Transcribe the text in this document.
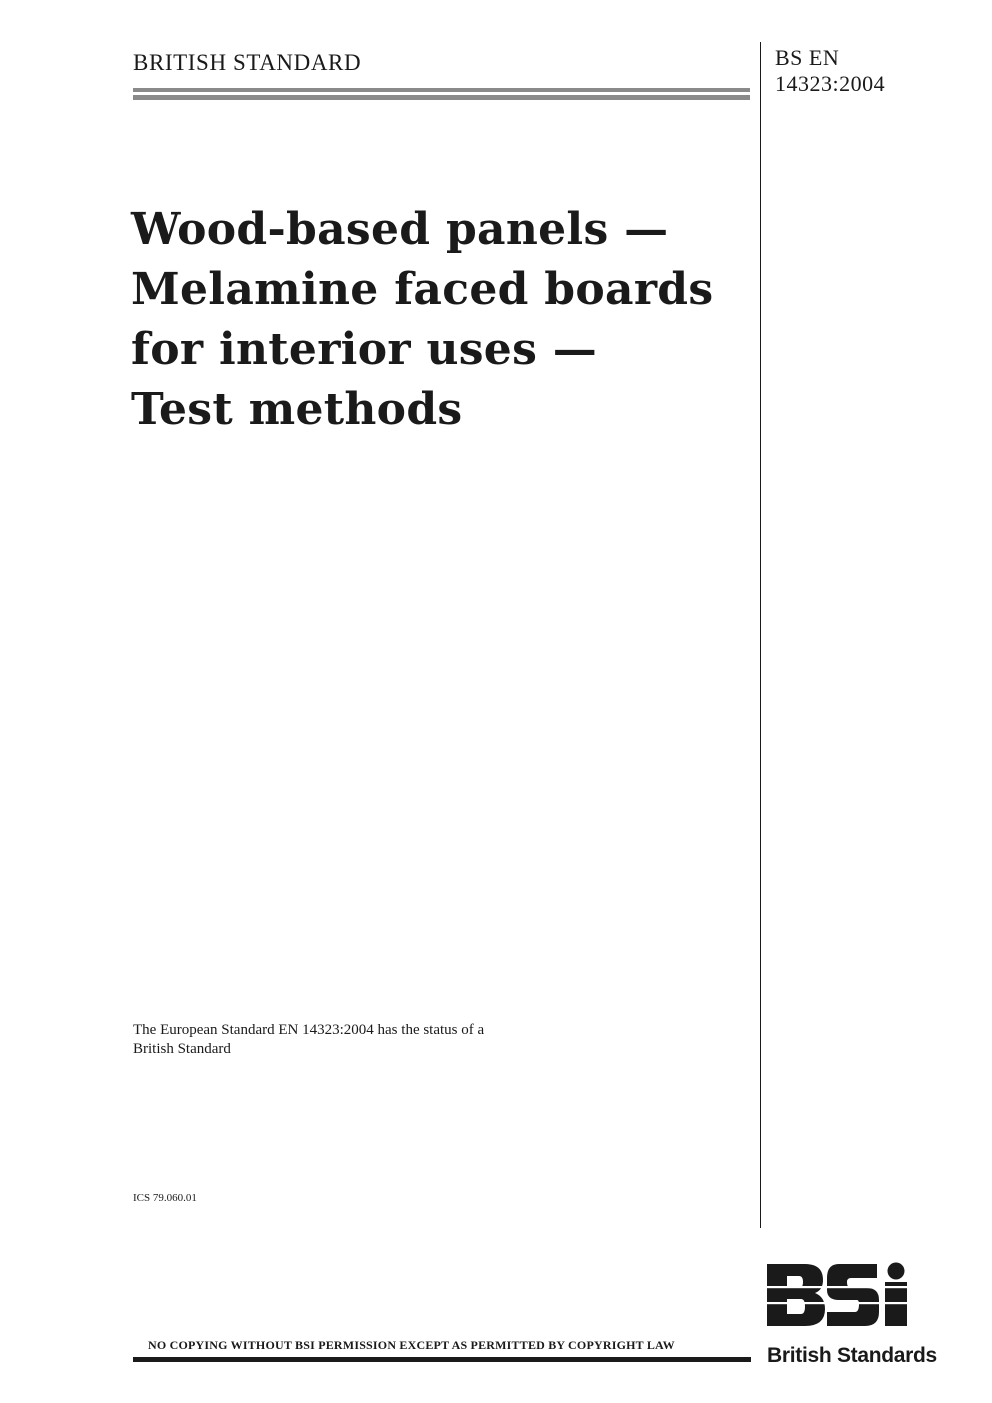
BRITISH STANDARD	BS EN
14323:2004
Wood-based panels —
Melamine faced boards
for interior uses —
Test methods
The European Standard EN 14323:2004 has the status of a
British Standard
ICS 79.060.01
NO COPYING WITHOUT BSI PERMISSION EXCEPT AS PERMITTED BY COPYRIGHT LAW	British Standards
